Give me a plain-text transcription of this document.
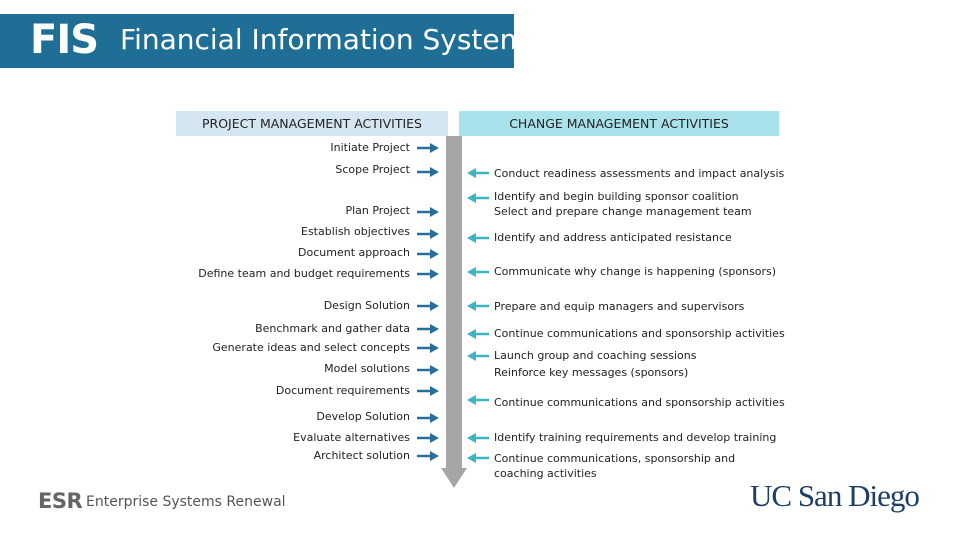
FIS Financial Information System
PROJECT MANAGEMENT ACTIVITIES	CHANGE MANAGEMENT ACTIVITIES
Initiate Project
Scope Project
Plan Project
Establish objectives
Document approach
Define team and budget requirements
Design Solution
Benchmark and gather data
Generate ideas and select concepts
Model solutions
Document requirements
Develop Solution
Evaluate alternatives
Architect solution
Conduct readiness assessments and impact analysis
Identify and begin building sponsor coalition
Select and prepare change management team
Identify and address anticipated resistance
Communicate why change is happening (sponsors)
Prepare and equip managers and supervisors
Continue communications and sponsorship activities
Launch group and coaching sessions
Reinforce key messages (sponsors)
Continue communications and sponsorship activities
Identify training requirements and develop training
Continue communications, sponsorship and
coaching activities
ESR Enterprise Systems Renewal	UC San Diego
